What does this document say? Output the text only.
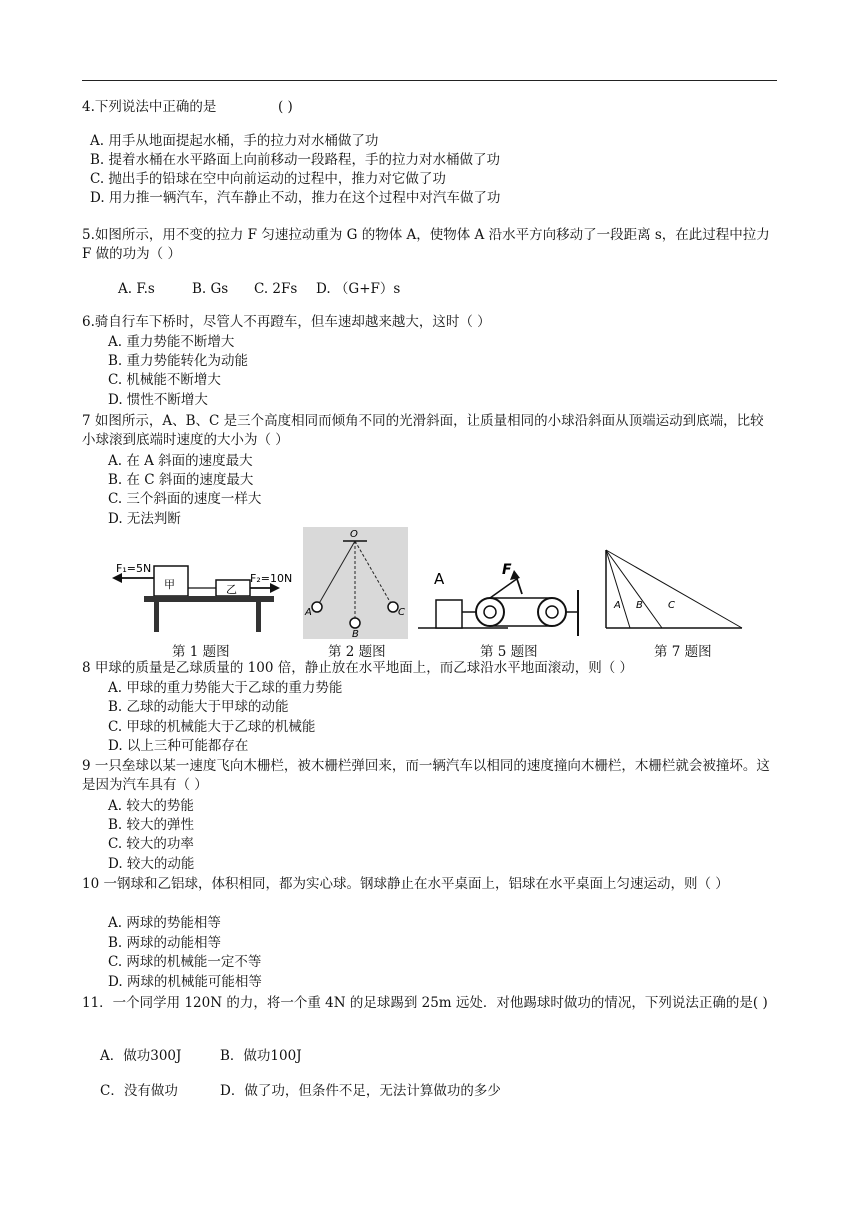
4.下列说法中正确的是	( )
A. 用手从地面提起水桶，手的拉力对水桶做了功
B. 提着水桶在水平路面上向前移动一段路程，手的拉力对水桶做了功
C. 抛出手的铅球在空中向前运动的过程中，推力对它做了功
D. 用力推一辆汽车，汽车静止不动，推力在这个过程中对汽车做了功
5.如图所示，用不变的拉力 F 匀速拉动重为 G 的物体 A，使物体 A 沿水平方向移动了一段距离 s，在此过程中拉力 F 做的功为（ ）
A. F.s	B. Gs C. 2Fs D. （G+F）s
6.骑自行车下桥时，尽管人不再蹬车，但车速却越来越大，这时（ ）
A. 重力势能不断增大
B. 重力势能转化为动能
C. 机械能不断增大
D. 惯性不断增大
7 如图所示，A、B、C 是三个高度相同而倾角不同的光滑斜面，让质量相同的小球沿斜面从顶端运动到底端，比较小球滚到底端时速度的大小为（ ）
A. 在 A 斜面的速度最大
B. 在 C 斜面的速度最大
C. 三个斜面的速度一样大
D. 无法判断
F₁=5N
F₂=10N
甲	乙
O
A
B
C
A	F
A B	C
第 1 题图	第 2 题图	第 5 题图	第 7 题图
8 甲球的质量是乙球质量的 100 倍，静止放在水平地面上，而乙球沿水平地面滚动，则（ ）
A. 甲球的重力势能大于乙球的重力势能
B. 乙球的动能大于甲球的动能
C. 甲球的机械能大于乙球的机械能
D. 以上三种可能都存在
9 一只垒球以某一速度飞向木栅栏，被木栅栏弹回来，而一辆汽车以相同的速度撞向木栅栏，木栅栏就会被撞坏。这是因为汽车具有（ ）
A. 较大的势能
B. 较大的弹性
C. 较大的功率
D. 较大的动能
10 一钢球和乙铝球，体积相同，都为实心球。钢球静止在水平桌面上，铝球在水平桌面上匀速运动，则（ ）
A. 两球的势能相等
B. 两球的动能相等
C. 两球的机械能一定不等
D. 两球的机械能可能相等
11．一个同学用 120N 的力，将一个重 4N 的足球踢到 25m 远处．对他踢球时做功的情况，下列说法正确的是( )
A．做功300J	B．做功100J
C．没有做功	D．做了功，但条件不足，无法计算做功的多少
